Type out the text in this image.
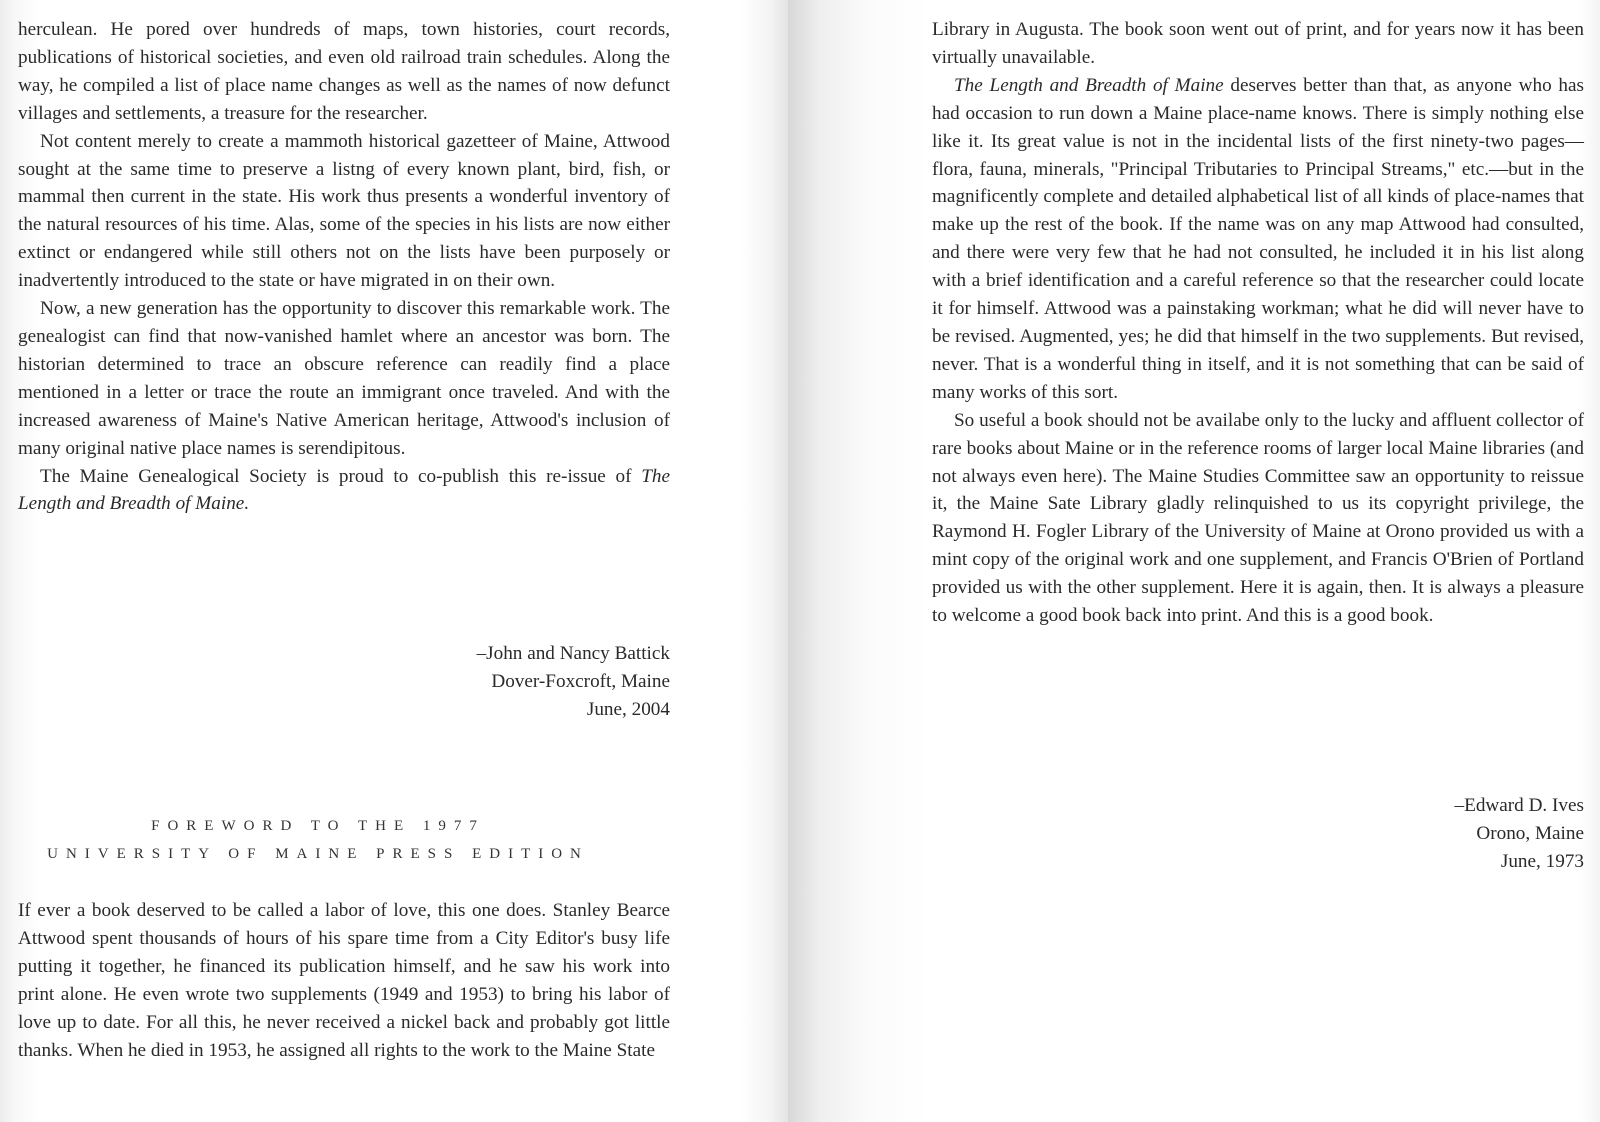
herculean. He pored over hundreds of maps, town histories, court records, publications of historical societies, and even old railroad train schedules. Along the way, he compiled a list of place name changes as well as the names of now defunct villages and settlements, a treasure for the researcher.

Not content merely to create a mammoth historical gazetteer of Maine, Attwood sought at the same time to preserve a listng of every known plant, bird, fish, or mammal then current in the state. His work thus presents a wonderful inventory of the natural resources of his time. Alas, some of the species in his lists are now either extinct or endangered while still others not on the lists have been purposely or inadvertently introduced to the state or have migrated in on their own.

Now, a new generation has the opportunity to discover this remarkable work. The genealogist can find that now-vanished hamlet where an ancestor was born. The historian determined to trace an obscure reference can readily find a place mentioned in a letter or trace the route an immigrant once traveled. And with the increased awareness of Maine's Native American heritage, Attwood's inclusion of many original native place names is serendipitous.

The Maine Genealogical Society is proud to co-publish this re-issue of The Length and Breadth of Maine.

–John and Nancy Battick
Dover-Foxcroft, Maine
June, 2004
FOREWORD TO THE 1977
UNIVERSITY OF MAINE PRESS EDITION

If ever a book deserved to be called a labor of love, this one does. Stanley Bearce Attwood spent thousands of hours of his spare time from a City Editor's busy life putting it together, he financed its publication himself, and he saw his work into print alone. He even wrote two supplements (1949 and 1953) to bring his labor of love up to date. For all this, he never received a nickel back and probably got little thanks. When he died in 1953, he assigned all rights to the work to the Maine State

Library in Augusta. The book soon went out of print, and for years now it has been virtually unavailable.

The Length and Breadth of Maine deserves better than that, as anyone who has had occasion to run down a Maine place-name knows. There is simply nothing else like it. Its great value is not in the incidental lists of the first ninety-two pages—flora, fauna, minerals, "Principal Tributaries to Principal Streams," etc.—but in the magnificently complete and detailed alphabetical list of all kinds of place-names that make up the rest of the book. If the name was on any map Attwood had consulted, and there were very few that he had not consulted, he included it in his list along with a brief identification and a careful reference so that the researcher could locate it for himself. Attwood was a painstaking workman; what he did will never have to be revised. Augmented, yes; he did that himself in the two supplements. But revised, never. That is a wonderful thing in itself, and it is not something that can be said of many works of this sort.

So useful a book should not be availabe only to the lucky and affluent collector of rare books about Maine or in the reference rooms of larger local Maine libraries (and not always even here). The Maine Studies Committee saw an opportunity to reissue it, the Maine Sate Library gladly relinquished to us its copyright privilege, the Raymond H. Fogler Library of the University of Maine at Orono provided us with a mint copy of the original work and one supplement, and Francis O'Brien of Portland provided us with the other supplement. Here it is again, then. It is always a pleasure to welcome a good book back into print. And this is a good book.

–Edward D. Ives
Orono, Maine
June, 1973
